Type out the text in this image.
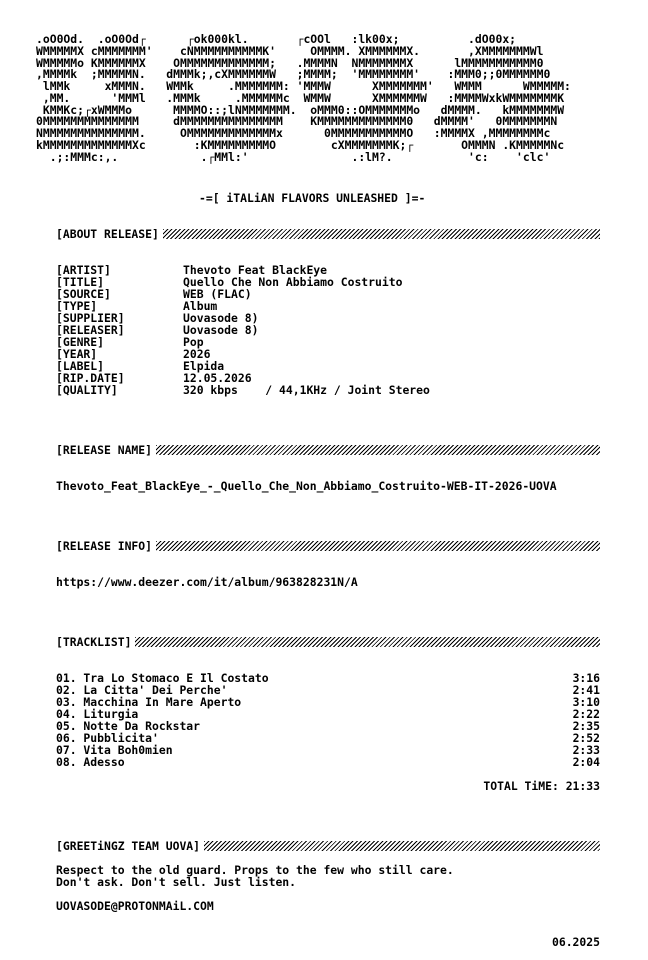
.oO0Od.  .oO0Od┌      ┌ok000kl.       ┌cOOl   :lk00x;          .dO00x;
WMMMMMX cMMMMMMM'    cNMMMMMMMMMMK'     OMMMM. XMMMMMMX.       ,XMMMMMMMWl
WMMMMMo KMMMMMMX    OMMMMMMMMMMMMM;   .MMMMN  NMMMMMMMX      lMMMMMMMMMMM0
,MMMMk  ;MMMMMN.   dMMMk;,cXMMMMMMW   ;MMMM;  'MMMMMMMM'    :MMM0;;0MMMMMM0
lMMk     xMMMN.   WMMk     .MMMMMMM: 'MMMW      XMMMMMMM'   WMMM      WMMMMM:
,MM.      'MMMl   .MMMk     .MMMMMMc  WMMW      XMMMMMMW   :MMMMWxkWMMMMMMMK
KMMKc;┌xWMMMo      MMMMO::;lNMMMMMMM.  oMMM0::OMMMMMMMo   dMMMM.   kMMMMMMMW
0MMMMMMMMMMMMMM     dMMMMMMMMMMMMMMM    KMMMMMMMMMMMMM0   dMMMM'   0MMMMMMMN
NMMMMMMMMMMMMMM.     OMMMMMMMMMMMMMx      0MMMMMMMMMMMO   :MMMMX ,MMMMMMMMc
kMMMMMMMMMMMMMXc       :KMMMMMMMMMO        cXMMMMMMMK;┌       OMMMN .KMMMMMNc
.;:MMMc:,.            .┌MMl:'               .:lM?.           'c:    'clc'
-=[ iTALiAN FLAVORS UNLEASHED ]=-
[ABOUT RELEASE]
[ARTIST]	Thevoto Feat BlackEye
[TITLE]	Quello Che Non Abbiamo Costruito
[SOURCE]	WEB (FLAC)
[TYPE]	Album
[SUPPLIER]	Uovasode 8)
[RELEASER]	Uovasode 8)
[GENRE]	Pop
[YEAR]	2026
[LABEL]	Elpida
[RIP.DATE]	12.05.2026
[QUALITY]	320 kbps    / 44,1KHz / Joint Stereo
[RELEASE NAME]
Thevoto_Feat_BlackEye_-_Quello_Che_Non_Abbiamo_Costruito-WEB-IT-2026-UOVA
[RELEASE INFO]
https://www.deezer.com/it/album/963828231N/A
[TRACKLIST]
01. Tra Lo Stomaco E Il Costato	3:16
02. La Citta' Dei Perche'	2:41
03. Macchina In Mare Aperto	3:10
04. Liturgia	2:22
05. Notte Da Rockstar	2:35
06. Pubblicita'	2:52
07. Vita Boh0mien	2:33
08. Adesso	2:04
TOTAL TiME: 21:33
[GREETiNGZ TEAM UOVA]
Respect to the old guard. Props to the few who still care.
Don't ask. Don't sell. Just listen.
UOVASODE@PROTONMAiL.COM
06.2025
